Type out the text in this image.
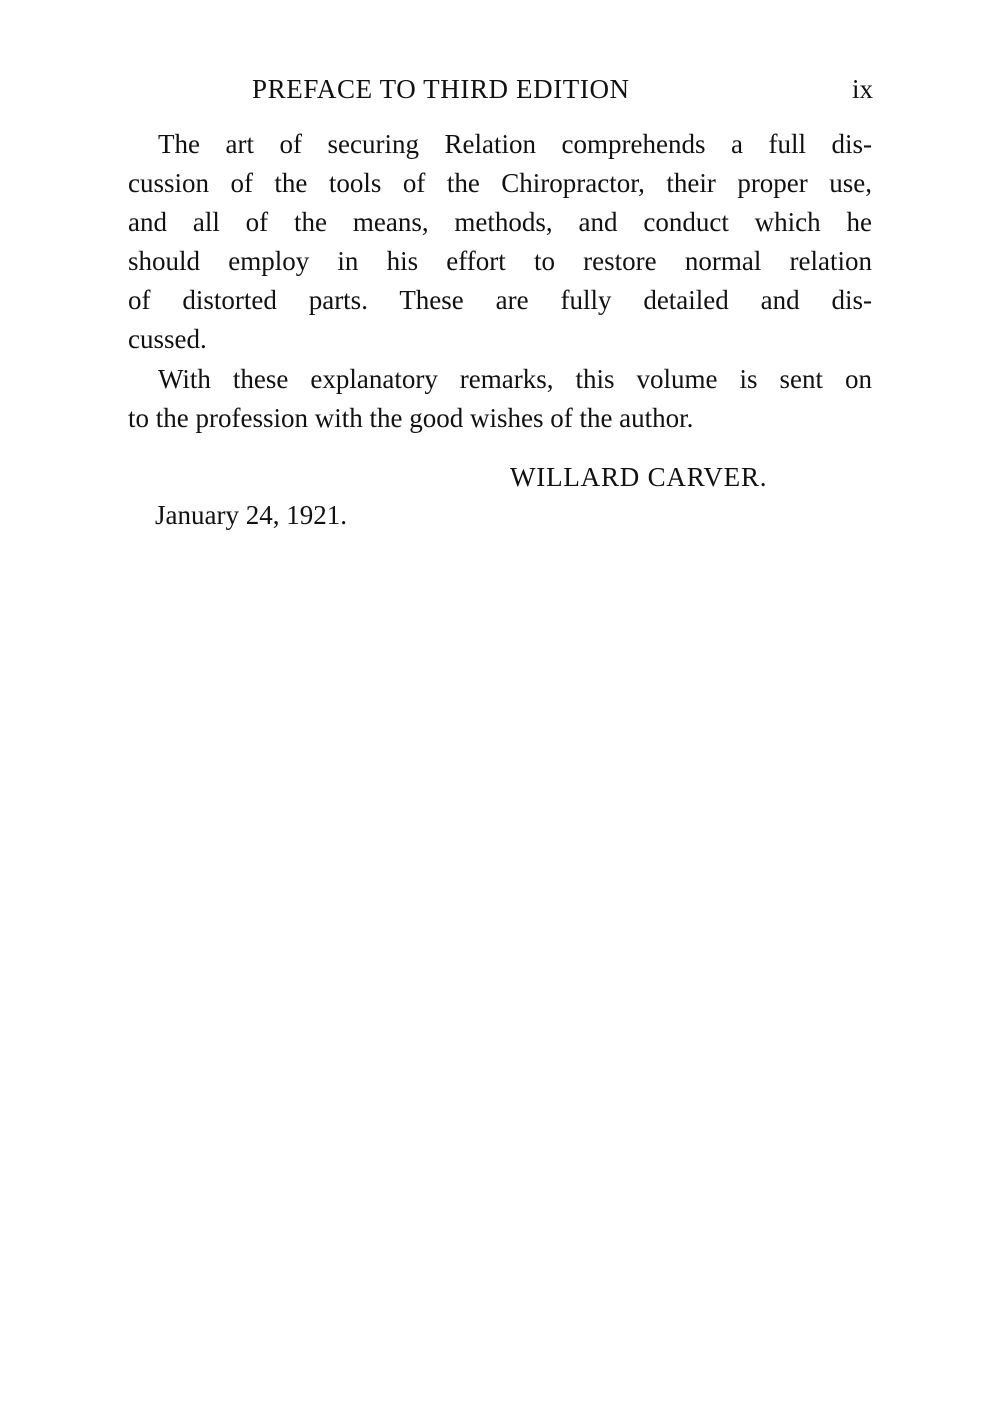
PREFACE TO THIRD EDITION	ix
The art of securing Relation comprehends a full dis-
cussion of the tools of the Chiropractor, their proper use,
and all of the means, methods, and conduct which he
should employ in his effort to restore normal relation
of distorted parts. These are fully detailed and dis-
cussed.
With these explanatory remarks, this volume is sent on
to the profession with the good wishes of the author.
WILLARD CARVER.
January 24, 1921.
